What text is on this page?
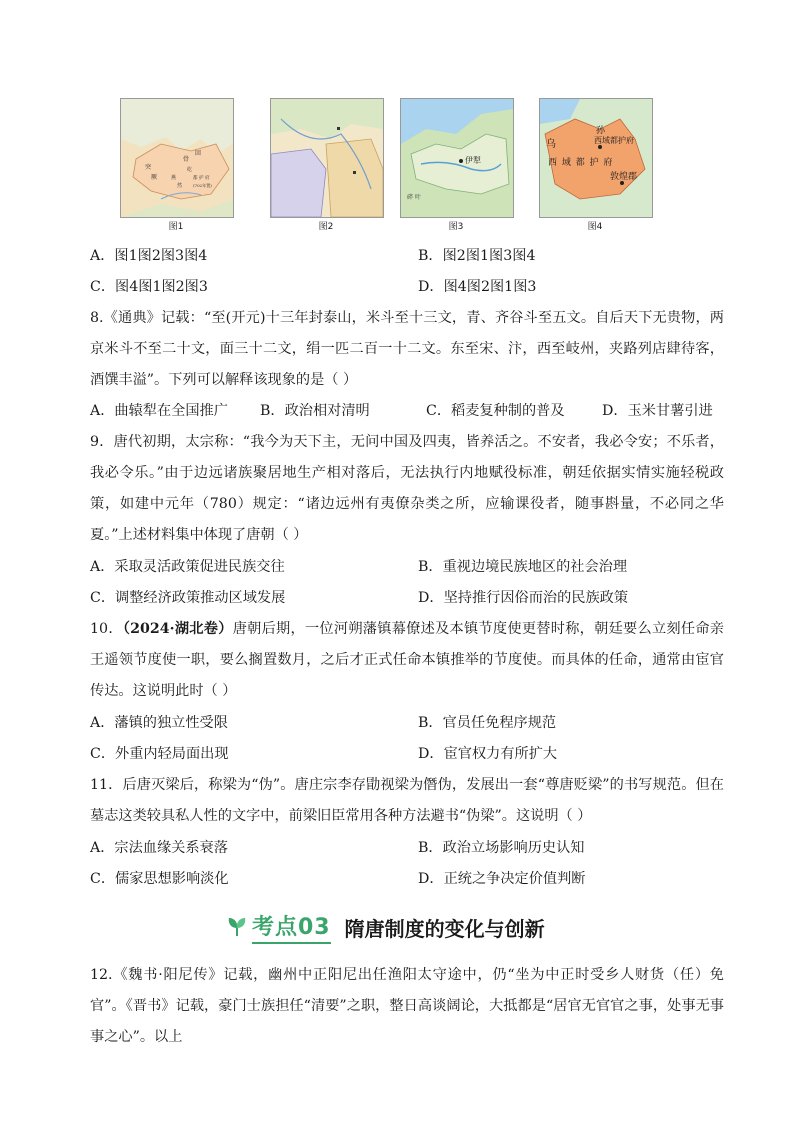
突
厥
骨
回
纥
燕
然
都 护 府
(702年置)
图1	图2
伊犁
碎 叶
图3
乌
孙
西域都护府
西 域 都 护 府
敦煌郡
图4
A．图1图2图3图4	B．图2图1图3图4
C．图4图1图2图3	D．图4图2图1图3
8.《通典》记载：“至(开元)十三年封泰山，米斗至十三文，青、齐谷斗至五文。自后天下无贵物，两京米斗不至二十文，面三十二文，绢一匹二百一十二文。东至宋、汴，西至岐州，夹路列店肆待客，酒馔丰溢”。下列可以解释该现象的是（ ）
A．曲辕犁在全国推广 B．政治相对清明	C．稻麦复种制的普及	D．玉米甘薯引进
9．唐代初期，太宗称：“我今为天下主，无问中国及四夷，皆养活之。不安者，我必令安；不乐者，我必令乐。”由于边远诸族聚居地生产相对落后，无法执行内地赋役标准，朝廷依据实情实施轻税政策，如建中元年（780）规定：“诸边远州有夷僚杂类之所，应输课役者，随事斟量，不必同之华夏。”上述材料集中体现了唐朝（ ）
A．采取灵活政策促进民族交往	B．重视边境民族地区的社会治理
C．调整经济政策推动区域发展	D．坚持推行因俗而治的民族政策
10．（2024·湖北卷）唐朝后期，一位河朔藩镇幕僚述及本镇节度使更替时称，朝廷要么立刻任命亲王遥领节度使一职，要么搁置数月，之后才正式任命本镇推举的节度使。而具体的任命，通常由宦官传达。这说明此时（ ）
A．藩镇的独立性受限	B．官员任免程序规范
C．外重内轻局面出现	D．宦官权力有所扩大
11．后唐灭梁后，称梁为“伪”。唐庄宗李存勖视梁为僭伪，发展出一套“尊唐贬梁”的书写规范。但在墓志这类较具私人性的文字中，前梁旧臣常用各种方法避书“伪梁”。这说明（ ）
A．宗法血缘关系衰落	B．政治立场影响历史认知
C．儒家思想影响淡化	D．正统之争决定价值判断
考点03 隋唐制度的变化与创新
12.《魏书·阳尼传》记载，幽州中正阳尼出任渔阳太守途中，仍“坐为中正时受乡人财货（任）免官”。《晋书》记载，豪门士族担任“清要”之职，整日高谈阔论，大抵都是“居官无官官之事，处事无事事之心”。以上
